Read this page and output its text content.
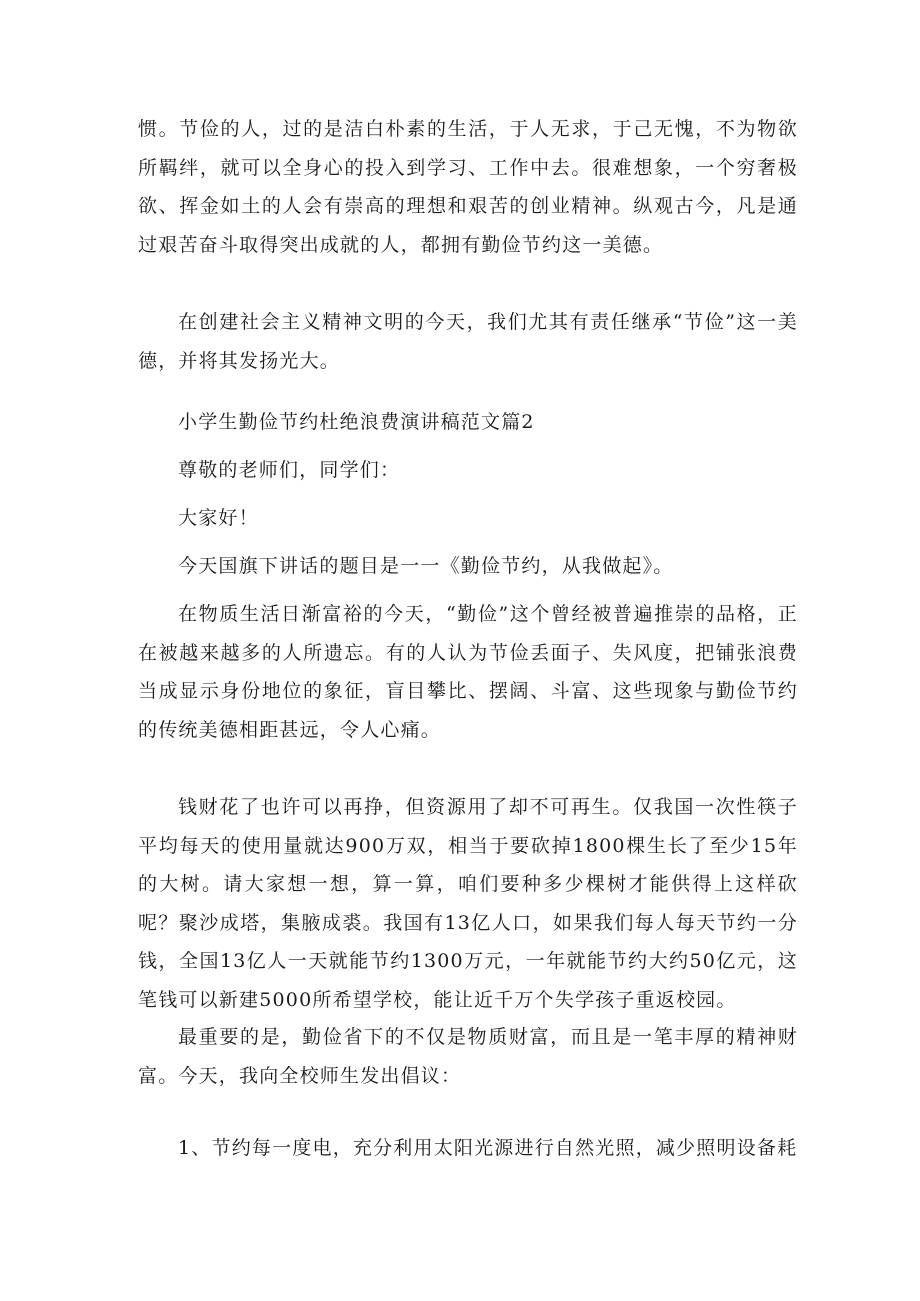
惯。节俭的人，过的是洁白朴素的生活，于人无求，于己无愧，不为物欲所羁绊，就可以全身心的投入到学习、工作中去。很难想象，一个穷奢极欲、挥金如土的人会有崇高的理想和艰苦的创业精神。纵观古今，凡是通过艰苦奋斗取得突出成就的人，都拥有勤俭节约这一美德。

在创建社会主义精神文明的今天，我们尤其有责任继承“节俭”这一美德，并将其发扬光大。

小学生勤俭节约杜绝浪费演讲稿范文篇2

尊敬的老师们，同学们：

大家好！

今天国旗下讲话的题目是一一《勤俭节约，从我做起》。

在物质生活日渐富裕的今天，“勤俭”这个曾经被普遍推崇的品格，正在被越来越多的人所遗忘。有的人认为节俭丢面子、失风度，把铺张浪费当成显示身份地位的象征，盲目攀比、摆阔、斗富、这些现象与勤俭节约的传统美德相距甚远，令人心痛。

钱财花了也许可以再挣，但资源用了却不可再生。仅我国一次性筷子平均每天的使用量就达900万双，相当于要砍掉1800棵生长了至少15年的大树。请大家想一想，算一算，咱们要种多少棵树才能供得上这样砍呢？聚沙成塔，集腋成裘。我国有13亿人口，如果我们每人每天节约一分钱，全国13亿人一天就能节约1300万元，一年就能节约大约50亿元，这笔钱可以新建5000所希望学校，能让近千万个失学孩子重返校园。

最重要的是，勤俭省下的不仅是物质财富，而且是一笔丰厚的精神财富。今天，我向全校师生发出倡议：

1、节约每一度电，充分利用太阳光源进行自然光照，减少照明设备耗
